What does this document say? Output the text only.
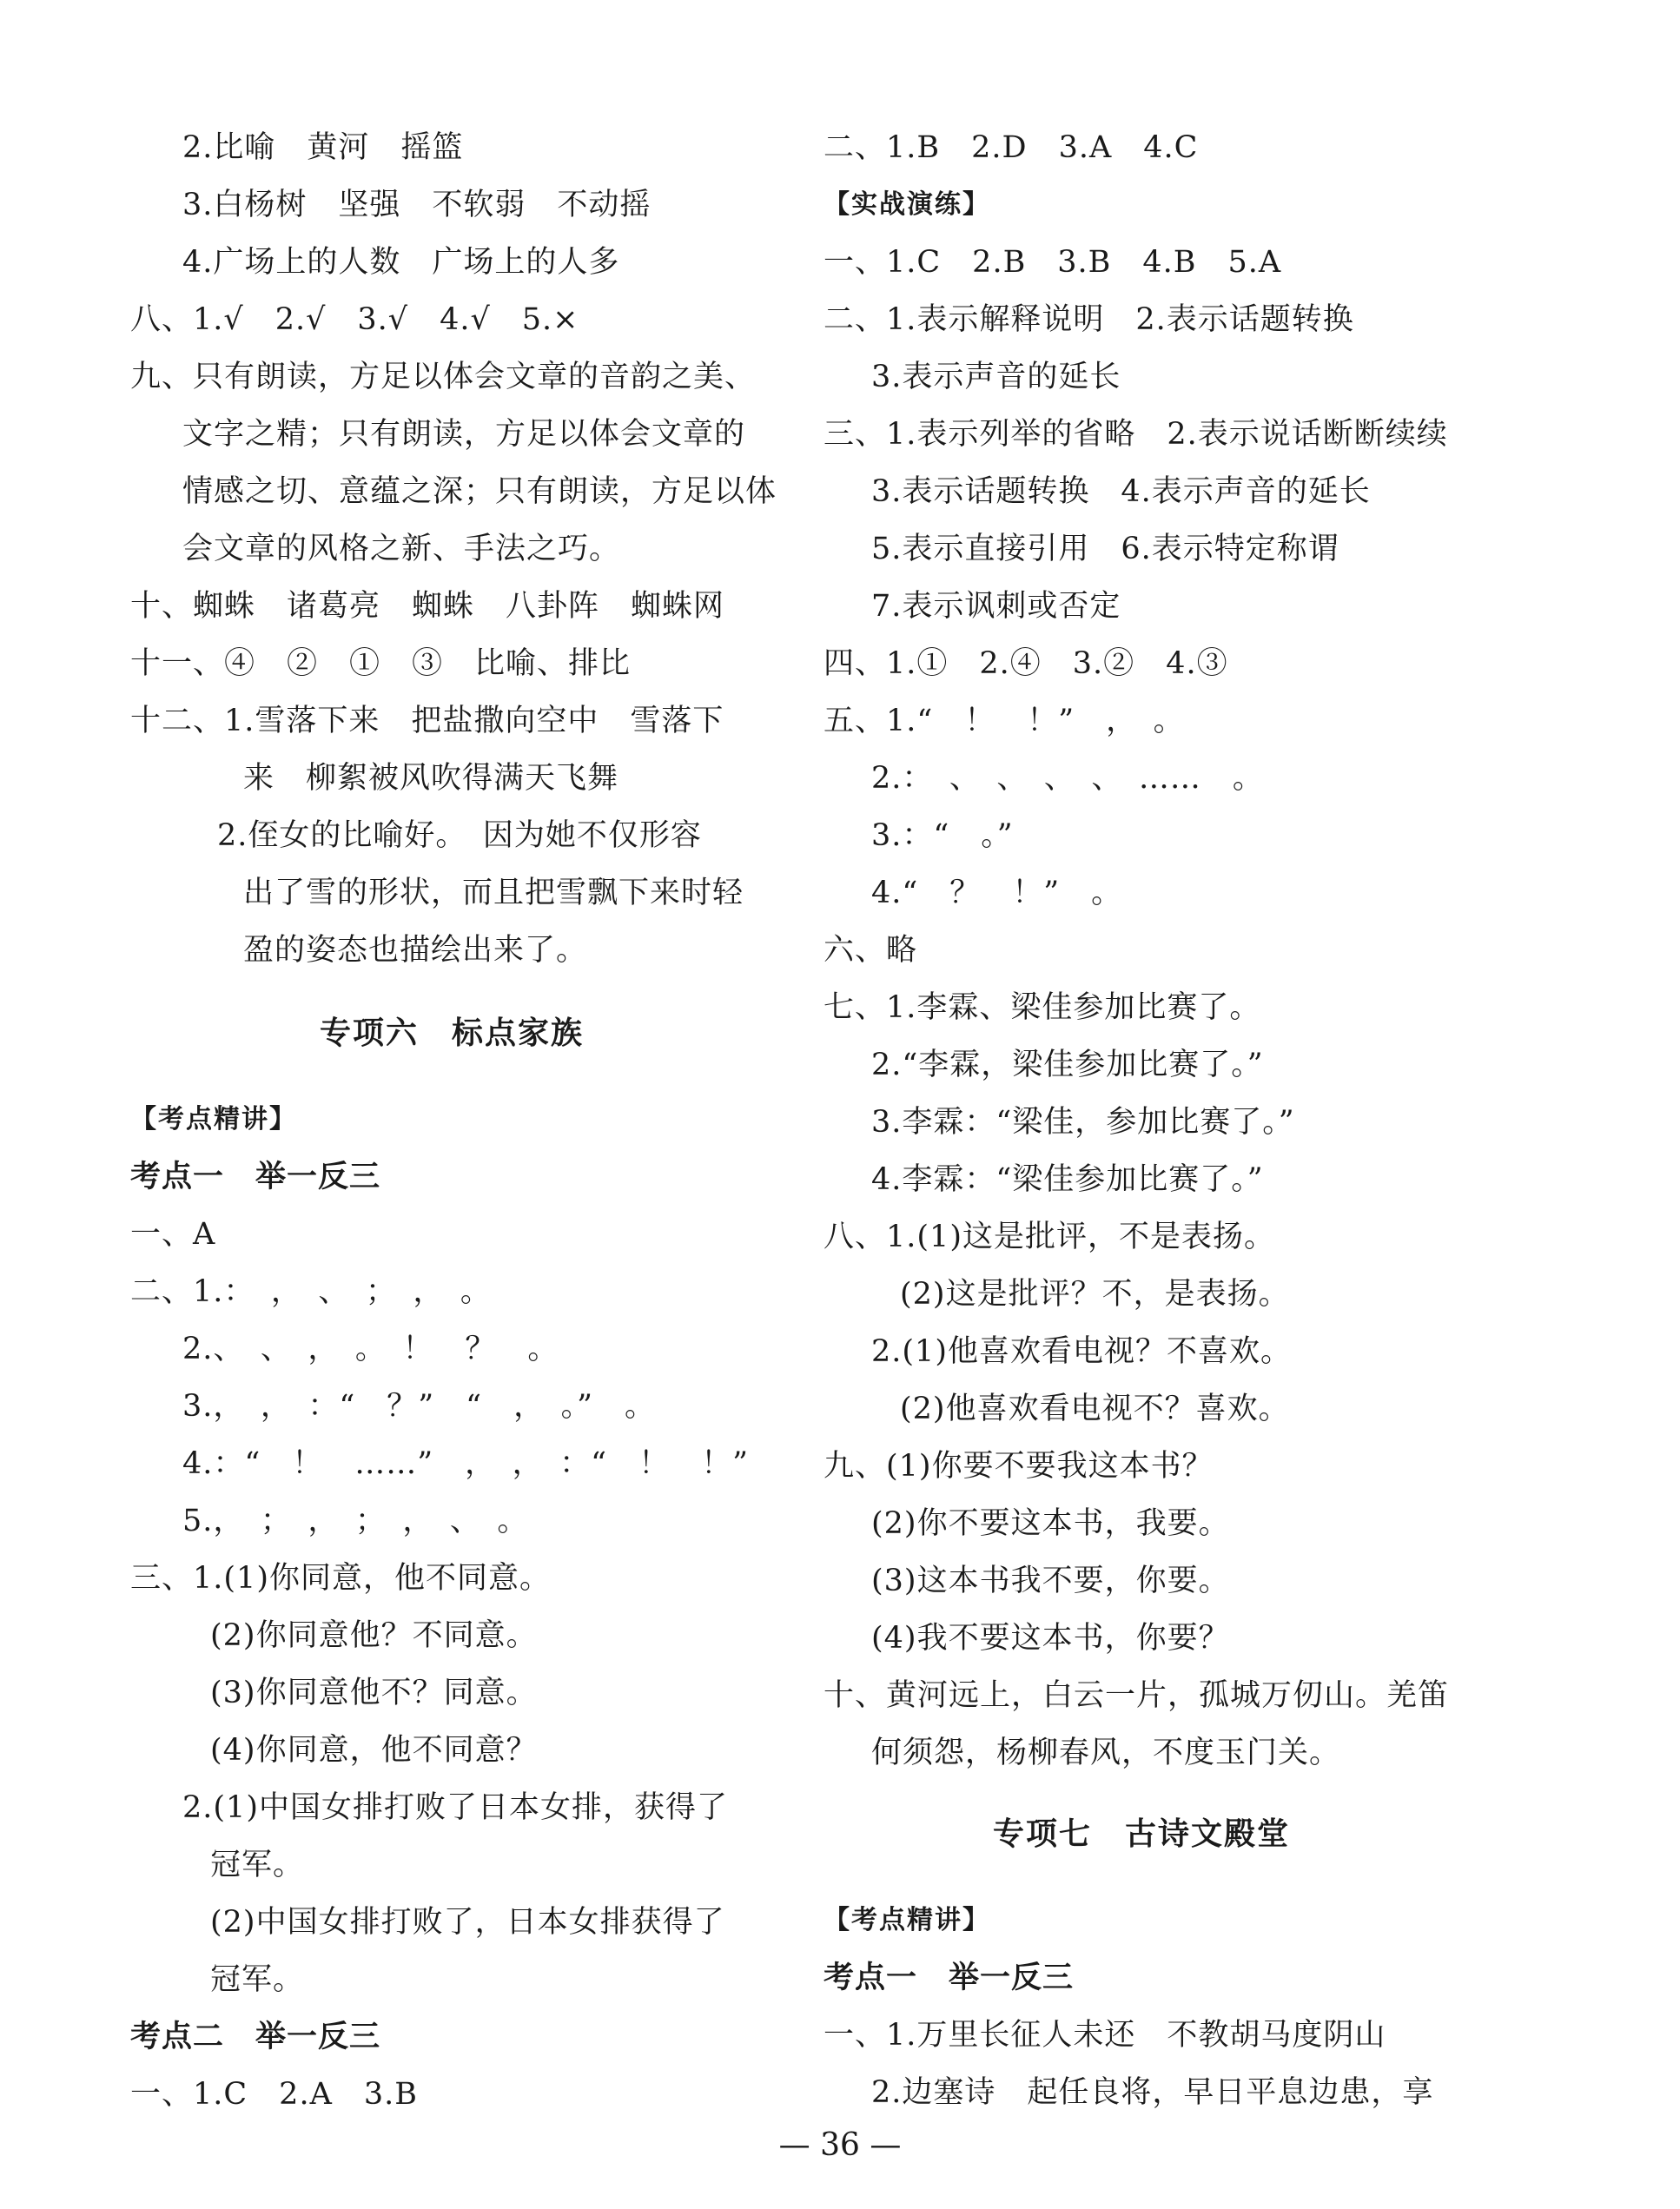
2.比喻　黄河　摇篮
3.白杨树　坚强　不软弱　不动摇
4.广场上的人数　广场上的人多
八、1.√　2.√　3.√　4.√　5.×
九、只有朗读，方足以体会文章的音韵之美、
文字之精；只有朗读，方足以体会文章的
情感之切、意蕴之深；只有朗读，方足以体
会文章的风格之新、手法之巧。
十、蜘蛛　诸葛亮　蜘蛛　八卦阵　蜘蛛网
十一、④　②　①　③　比喻、排比
十二、1.雪落下来　把盐撒向空中　雪落下
来　柳絮被风吹得满天飞舞
2.侄女的比喻好。　因为她不仅形容
出了雪的形状，而且把雪飘下来时轻
盈的姿态也描绘出来了。
专项六　标点家族
【考点精讲】
考点一　举一反三
一、A
二、1.：　，　、　；　，　。
2.、　、　，　。　！　？　。
3.，　，　：“　？”　“　，　。”　。
4.：“　！　……”　，　，　：“　！　！”
5.，　；　，　；　，　、　。
三、1.(1)你同意，他不同意。
(2)你同意他？不同意。
(3)你同意他不？同意。
(4)你同意，他不同意？
2.(1)中国女排打败了日本女排，获得了
冠军。
(2)中国女排打败了，日本女排获得了
冠军。
考点二　举一反三
一、1.C　2.A　3.B
二、1.B　2.D　3.A　4.C
【实战演练】
一、1.C　2.B　3.B　4.B　5.A
二、1.表示解释说明　2.表示话题转换
3.表示声音的延长
三、1.表示列举的省略　2.表示说话断断续续
3.表示话题转换　4.表示声音的延长
5.表示直接引用　6.表示特定称谓
7.表示讽刺或否定
四、1.①　2.④　3.②　4.③
五、1.“　！　！”　，　。
2.：　、　、　、　、　……　。
3.：“　。”
4.“　？　！”　。
六、略
七、1.李霖、梁佳参加比赛了。
2.“李霖，梁佳参加比赛了。”
3.李霖：“梁佳，参加比赛了。”
4.李霖：“梁佳参加比赛了。”
八、1.(1)这是批评，不是表扬。
(2)这是批评？不，是表扬。
2.(1)他喜欢看电视？不喜欢。
(2)他喜欢看电视不？喜欢。
九、(1)你要不要我这本书？
(2)你不要这本书，我要。
(3)这本书我不要，你要。
(4)我不要这本书，你要？
十、黄河远上，白云一片，孤城万仞山。羌笛
何须怨，杨柳春风，不度玉门关。
专项七　古诗文殿堂
【考点精讲】
考点一　举一反三
一、1.万里长征人未还　不教胡马度阴山
2.边塞诗　起任良将，早日平息边患，享
— 36 —
